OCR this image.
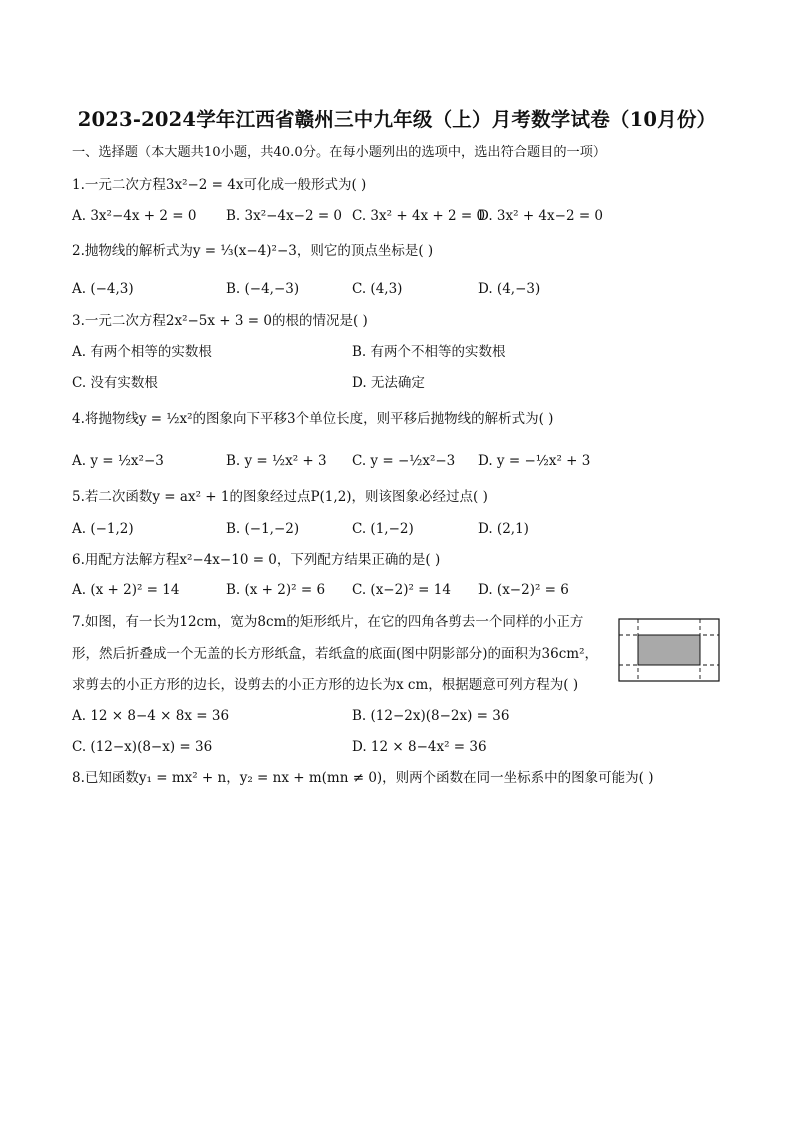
2023-2024学年江西省赣州三中九年级（上）月考数学试卷（10月份）
一、选择题（本大题共10小题，共40.0分。在每小题列出的选项中，选出符合题目的一项）
1.一元二次方程3x²−2 = 4x可化成一般形式为( )
A. 3x²−4x + 2 = 0 B. 3x²−4x−2 = 0 C. 3x² + 4x + 2 = 0
D. 3x² + 4x−2 = 0
2.抛物线的解析式为y = ⅓(x−4)²−3，则它的顶点坐标是( )
A. (−4,3)	B. (−4,−3)	C. (4,3)	D. (4,−3)
3.一元二次方程2x²−5x + 3 = 0的根的情况是( )
A. 有两个相等的实数根	B. 有两个不相等的实数根
C. 没有实数根	D. 无法确定
4.将抛物线y = ½x²的图象向下平移3个单位长度，则平移后抛物线的解析式为( )
A. y = ½x²−3	B. y = ½x² + 3 C. y = −½x²−3 D. y = −½x² + 3
5.若二次函数y = ax² + 1的图象经过点P(1,2)，则该图象必经过点( )
A. (−1,2)	B. (−1,−2)	C. (1,−2)	D. (2,1)
6.用配方法解方程x²−4x−10 = 0，下列配方结果正确的是( )
A. (x + 2)² = 14	B. (x + 2)² = 6 C. (x−2)² = 14 D. (x−2)² = 6
7.如图，有一长为12cm，宽为8cm的矩形纸片，在它的四角各剪去一个同样的小正方
形，然后折叠成一个无盖的长方形纸盒，若纸盒的底面(图中阴影部分)的面积为36cm²，
求剪去的小正方形的边长，设剪去的小正方形的边长为x cm，根据题意可列方程为( )
A. 12 × 8−4 × 8x = 36	B. (12−2x)(8−2x) = 36
C. (12−x)(8−x) = 36	D. 12 × 8−4x² = 36
8.已知函数y₁ = mx² + n，y₂ = nx + m(mn ≠ 0)，则两个函数在同一坐标系中的图象可能为( )
